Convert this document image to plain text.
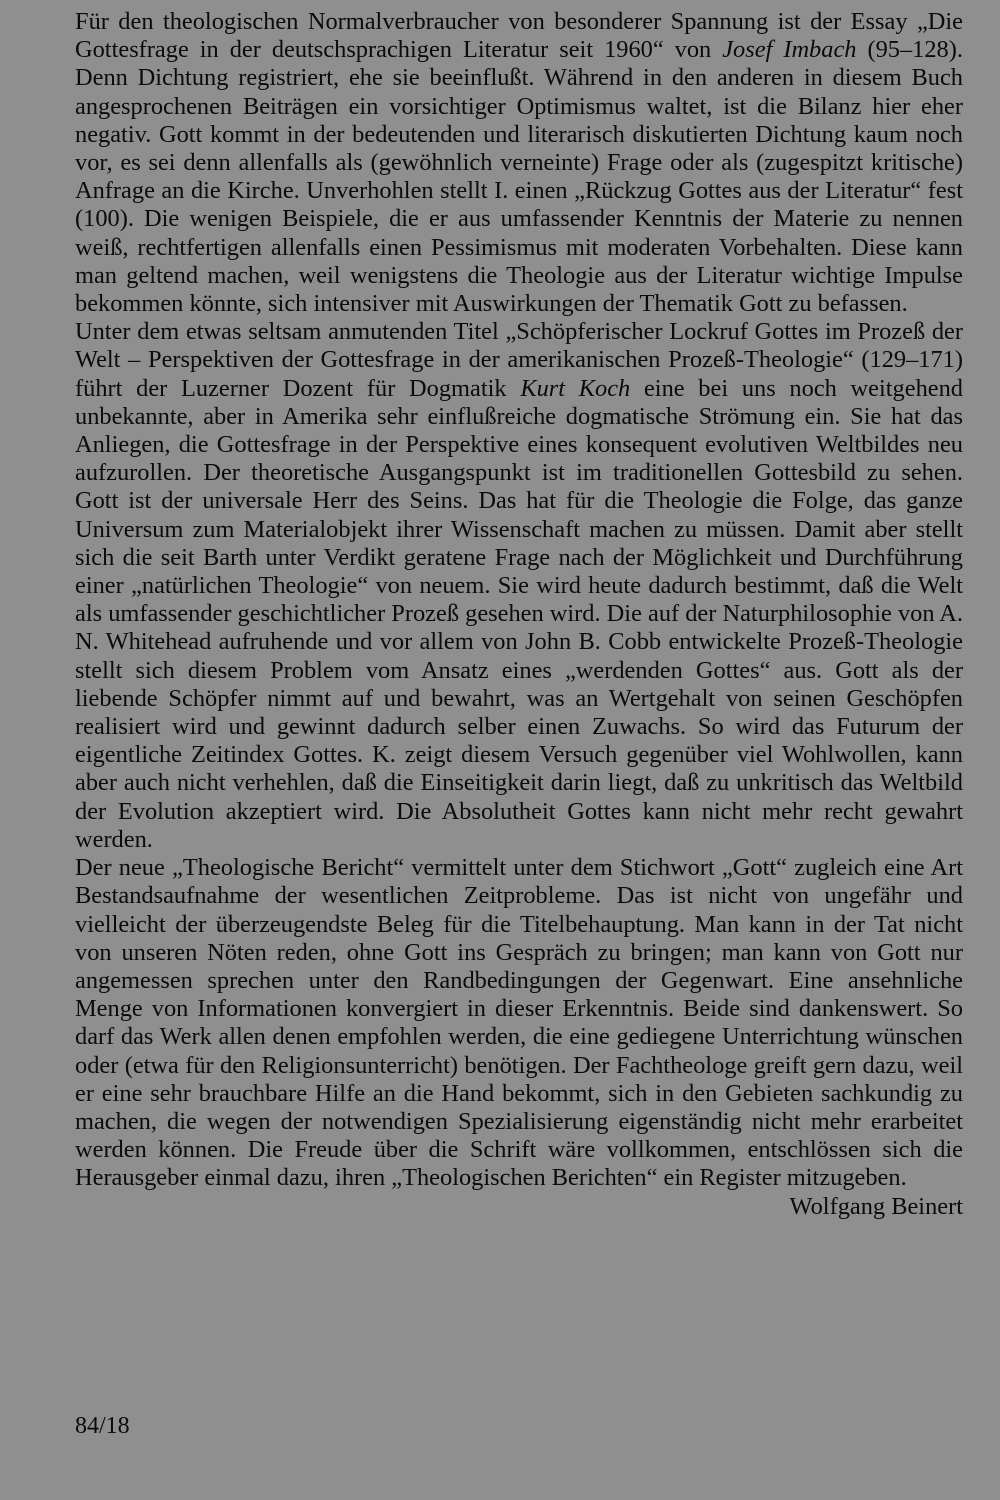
Für den theologischen Normalverbraucher von besonderer Spannung ist der Essay „Die Gottesfrage in der deutschsprachigen Literatur seit 1960“ von Josef Imbach (95–128). Denn Dichtung registriert, ehe sie beeinflußt. Während in den anderen in diesem Buch angesprochenen Beiträgen ein vorsichtiger Optimismus waltet, ist die Bilanz hier eher negativ. Gott kommt in der bedeutenden und literarisch diskutierten Dichtung kaum noch vor, es sei denn allenfalls als (gewöhnlich verneinte) Frage oder als (zugespitzt kritische) Anfrage an die Kirche. Unverhohlen stellt I. einen „Rückzug Gottes aus der Literatur“ fest (100). Die wenigen Beispiele, die er aus umfassender Kenntnis der Materie zu nennen weiß, rechtfertigen allenfalls einen Pessimismus mit moderaten Vorbehalten. Diese kann man geltend machen, weil wenigstens die Theologie aus der Literatur wichtige Impulse bekommen könnte, sich intensiver mit Auswirkungen der Thematik Gott zu befassen.

Unter dem etwas seltsam anmutenden Titel „Schöpferischer Lockruf Gottes im Prozeß der Welt – Perspektiven der Gottesfrage in der amerikanischen Prozeß-Theologie“ (129–171) führt der Luzerner Dozent für Dogmatik Kurt Koch eine bei uns noch weitgehend unbekannte, aber in Amerika sehr einflußreiche dogmatische Strömung ein. Sie hat das Anliegen, die Gottesfrage in der Perspektive eines konsequent evolutiven Weltbildes neu aufzurollen. Der theoretische Ausgangspunkt ist im traditionellen Gottesbild zu sehen. Gott ist der universale Herr des Seins. Das hat für die Theologie die Folge, das ganze Universum zum Materialobjekt ihrer Wissenschaft machen zu müssen. Damit aber stellt sich die seit Barth unter Verdikt geratene Frage nach der Möglichkeit und Durchführung einer „natürlichen Theologie“ von neuem. Sie wird heute dadurch bestimmt, daß die Welt als umfassender geschichtlicher Prozeß gesehen wird. Die auf der Naturphilosophie von A. N. Whitehead aufruhende und vor allem von John B. Cobb entwickelte Prozeß-Theologie stellt sich diesem Problem vom Ansatz eines „werdenden Gottes“ aus. Gott als der liebende Schöpfer nimmt auf und bewahrt, was an Wertgehalt von seinen Geschöpfen realisiert wird und gewinnt dadurch selber einen Zuwachs. So wird das Futurum der eigentliche Zeitindex Gottes. K. zeigt diesem Versuch gegenüber viel Wohlwollen, kann aber auch nicht verhehlen, daß die Einseitigkeit darin liegt, daß zu unkritisch das Weltbild der Evolution akzeptiert wird. Die Absolutheit Gottes kann nicht mehr recht gewahrt werden.

Der neue „Theologische Bericht“ vermittelt unter dem Stichwort „Gott“ zugleich eine Art Bestandsaufnahme der wesentlichen Zeitprobleme. Das ist nicht von ungefähr und vielleicht der überzeugendste Beleg für die Titelbehauptung. Man kann in der Tat nicht von unseren Nöten reden, ohne Gott ins Gespräch zu bringen; man kann von Gott nur angemessen sprechen unter den Randbedingungen der Gegenwart. Eine ansehnliche Menge von Informationen konvergiert in dieser Erkenntnis. Beide sind dankenswert. So darf das Werk allen denen empfohlen werden, die eine gediegene Unterrichtung wünschen oder (etwa für den Religionsunterricht) benötigen. Der Fachtheologe greift gern dazu, weil er eine sehr brauchbare Hilfe an die Hand bekommt, sich in den Gebieten sachkundig zu machen, die wegen der notwendigen Spezialisierung eigenständig nicht mehr erarbeitet werden können. Die Freude über die Schrift wäre vollkommen, entschlössen sich die Herausgeber einmal dazu, ihren „Theologischen Berichten“ ein Register mitzugeben.

Wolfgang Beinert
84/18
